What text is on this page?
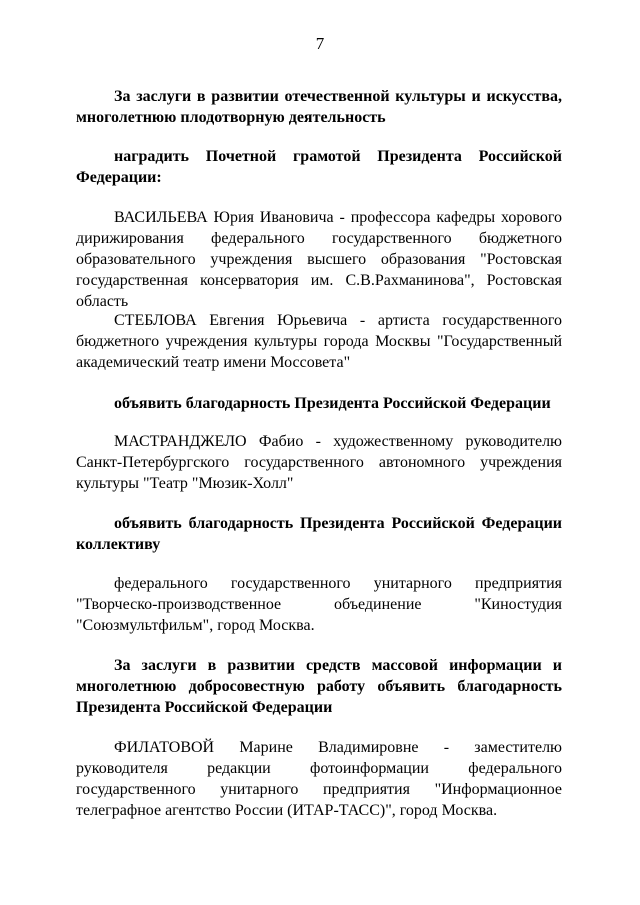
7

За заслуги в развитии отечественной культуры и искусства, многолетнюю плодотворную деятельность

наградить Почетной грамотой Президента Российской Федерации:

ВАСИЛЬЕВА Юрия Ивановича - профессора кафедры хорового дирижирования федерального государственного бюджетного образовательного учреждения высшего образования "Ростовская государственная консерватория им. С.В.Рахманинова", Ростовская область

СТЕБЛОВА Евгения Юрьевича - артиста государственного бюджетного учреждения культуры города Москвы "Государственный академический театр имени Моссовета"

объявить благодарность Президента Российской Федерации

МАСТРАНДЖЕЛО Фабио - художественному руководителю Санкт-Петербургского государственного автономного учреждения культуры "Театр "Мюзик-Холл"

объявить благодарность Президента Российской Федерации коллективу

федерального государственного унитарного предприятия "Творческо-производственное объединение "Киностудия "Союзмультфильм", город Москва.

За заслуги в развитии средств массовой информации и многолетнюю добросовестную работу объявить благодарность Президента Российской Федерации

ФИЛАТОВОЙ Марине Владимировне - заместителю руководителя редакции фотоинформации федерального государственного унитарного предприятия "Информационное телеграфное агентство России (ИТАР-ТАСС)", город Москва.
